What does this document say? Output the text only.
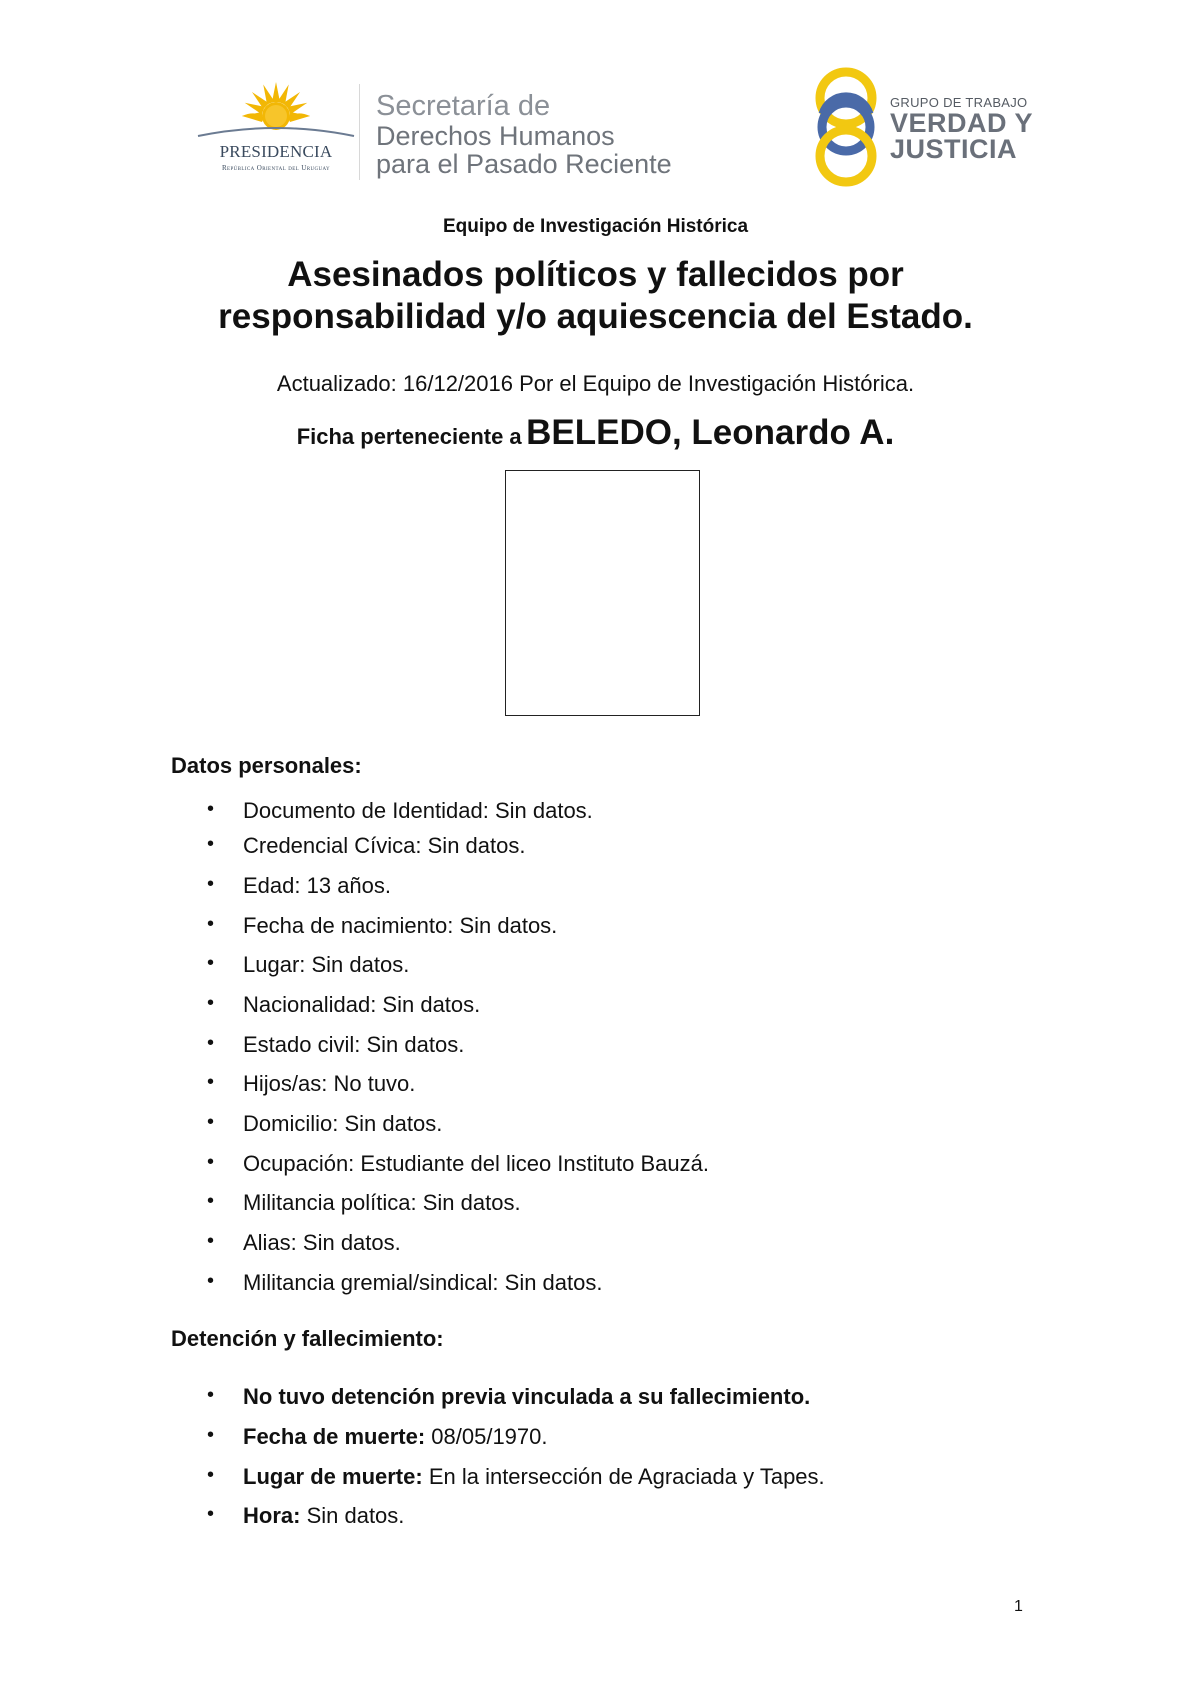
PRESIDENCIA
República Oriental del Uruguay
Secretaría de
Derechos Humanos
para el Pasado Reciente
GRUPO DE TRABAJO
VERDAD Y
JUSTICIA
Equipo de Investigación Histórica
Asesinados políticos y fallecidos por
responsabilidad y/o aquiescencia del Estado.
Actualizado: 16/12/2016 Por el Equipo de Investigación Histórica.
Ficha perteneciente a BELEDO, Leonardo A.
Datos personales:
• Documento de Identidad: Sin datos.
• Credencial Cívica: Sin datos.
• Edad: 13 años.
• Fecha de nacimiento: Sin datos.
• Lugar: Sin datos.
• Nacionalidad: Sin datos.
• Estado civil: Sin datos.
• Hijos/as: No tuvo.
• Domicilio: Sin datos.
• Ocupación: Estudiante del liceo Instituto Bauzá.
• Militancia política: Sin datos.
• Alias: Sin datos.
• Militancia gremial/sindical: Sin datos.
Detención y fallecimiento:
• No tuvo detención previa vinculada a su fallecimiento.
• Fecha de muerte: 08/05/1970.
• Lugar de muerte: En la intersección de Agraciada y Tapes.
• Hora: Sin datos.
1
